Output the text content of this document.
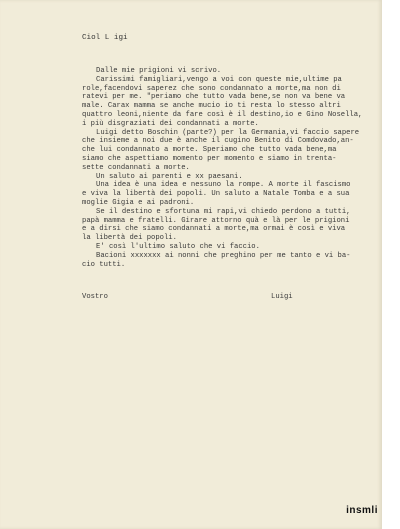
Ciol L igi
Dalle mie prigioni vi scrivo.
Carissimi famigliari,vengo a voi con queste mie,ultime pa
role,facendovi saperez che sono condannato a morte,ma non di
ratevi per me. "periamo che tutto vada bene,se non va bene va
male. Carax mamma se anche mucio io ti resta lo stesso altri
quattro leoni,niente da fare così è il destino,io e Gino Nosella,
i più disgraziati dei condannati a morte.
Luigi detto Boschin (parte?) per la Germania,vi faccio sapere
che insieme a noi due è anche il cugino Benito di Comdovado,an-
che lui condannato a morte. Speriamo che tutto vada bene,ma
siamo che aspettiamo momento per momento e siamo in trenta-
sette condannati a morte.
Un saluto ai parenti e xx paesani.
Una idea è una idea e nessuno la rompe. A morte il fascismo
e viva la libertà dei popoli. Un saluto a Natale Tomba e a sua
moglie Gigia e ai padroni.
Se il destino e sfortuna mi rapi,vi chiedo perdono a tutti,
papà mamma e fratelli. Girare attorno quà e là per le prigioni
e a dirsi che siamo condannati a morte,ma ormai è così e viva
la libertà dei popoli.
E' così l'ultimo saluto che vi faccio.
Bacioni xxxxxxx ai nonni che preghino per me tanto e vi ba-
cio tutti.
Vostro	Luigi
insmli
